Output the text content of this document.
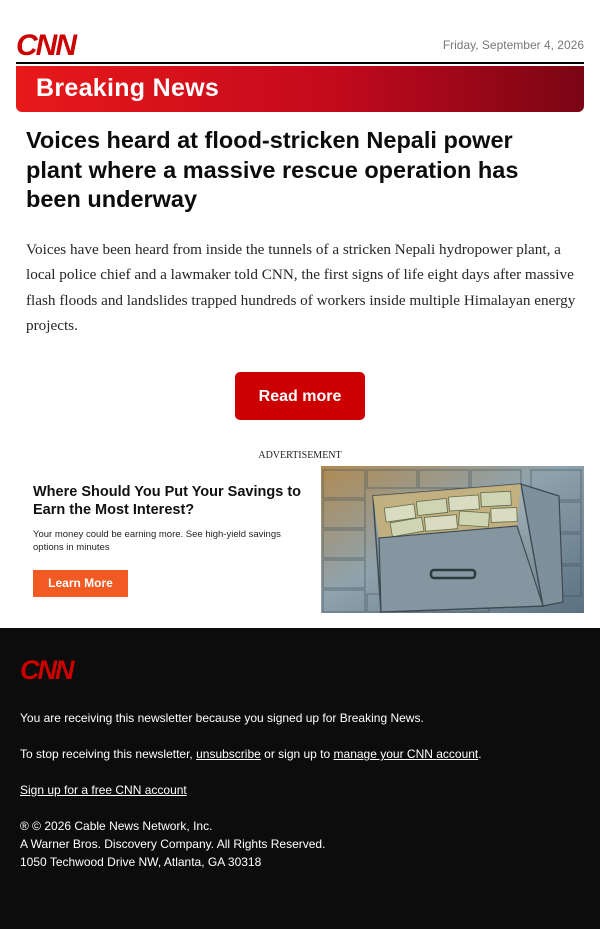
CNN	Friday, September 4, 2026
Breaking News
Voices heard at flood-stricken Nepali power plant where a massive rescue operation has been underway

Voices have been heard from inside the tunnels of a stricken Nepali hydropower plant, a local police chief and a lawmaker told CNN, the first signs of life eight days after massive flash floods and landslides trapped hundreds of workers inside multiple Himalayan energy projects.

Read more
ADVERTISEMENT
Where Should You Put Your Savings to Earn the Most Interest?
Your money could be earning more. See high-yield savings options in minutes
Learn More
CNN
You are receiving this newsletter because you signed up for Breaking News.
To stop receiving this newsletter, unsubscribe or sign up to manage your CNN account.
Sign up for a free CNN account
® © 2026 Cable News Network, Inc.
A Warner Bros. Discovery Company. All Rights Reserved.
1050 Techwood Drive NW, Atlanta, GA 30318
